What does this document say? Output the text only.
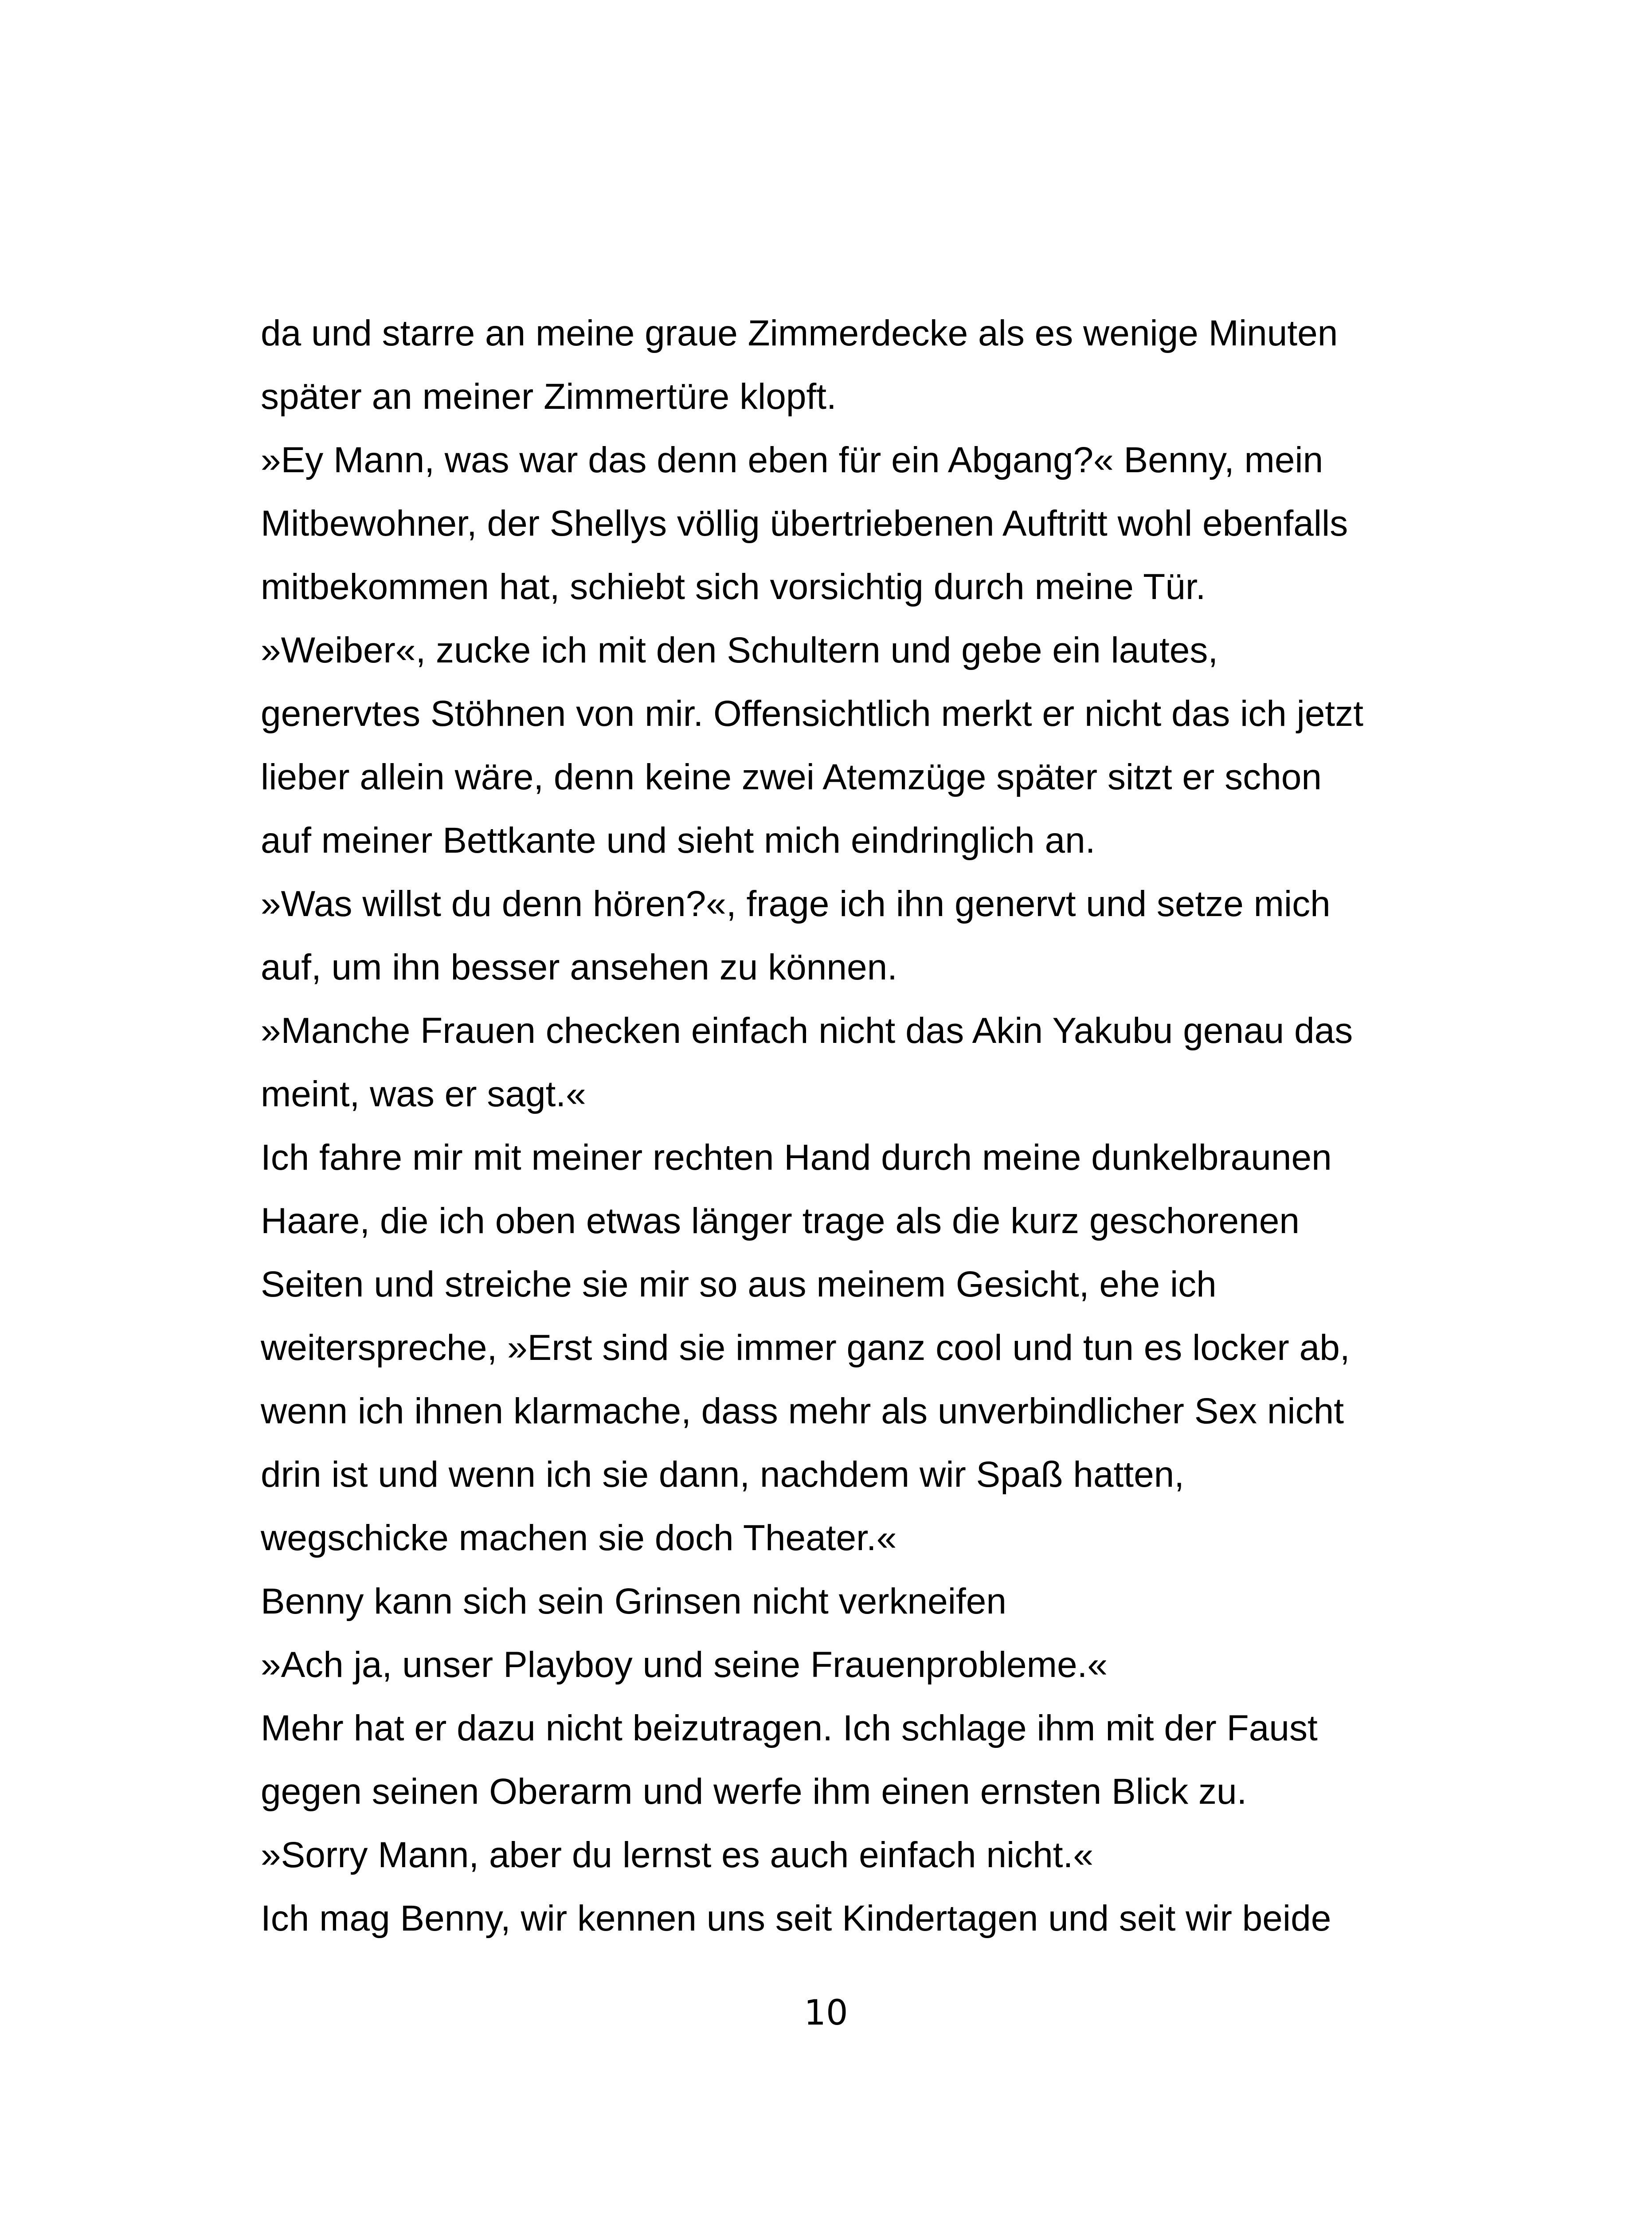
da und starre an meine graue Zimmerdecke als es wenige Minuten
später an meiner Zimmertüre klopft.
»Ey Mann, was war das denn eben für ein Abgang?« Benny, mein
Mitbewohner, der Shellys völlig übertriebenen Auftritt wohl ebenfalls
mitbekommen hat, schiebt sich vorsichtig durch meine Tür.
»Weiber«, zucke ich mit den Schultern und gebe ein lautes,
genervtes Stöhnen von mir. Offensichtlich merkt er nicht das ich jetzt
lieber allein wäre, denn keine zwei Atemzüge später sitzt er schon
auf meiner Bettkante und sieht mich eindringlich an.
»Was willst du denn hören?«, frage ich ihn genervt und setze mich
auf, um ihn besser ansehen zu können.
»Manche Frauen checken einfach nicht das Akin Yakubu genau das
meint, was er sagt.«
Ich fahre mir mit meiner rechten Hand durch meine dunkelbraunen
Haare, die ich oben etwas länger trage als die kurz geschorenen
Seiten und streiche sie mir so aus meinem Gesicht, ehe ich
weiterspreche, »Erst sind sie immer ganz cool und tun es locker ab,
wenn ich ihnen klarmache, dass mehr als unverbindlicher Sex nicht
drin ist und wenn ich sie dann, nachdem wir Spaß hatten,
wegschicke machen sie doch Theater.«
Benny kann sich sein Grinsen nicht verkneifen
»Ach ja, unser Playboy und seine Frauenprobleme.«
Mehr hat er dazu nicht beizutragen. Ich schlage ihm mit der Faust
gegen seinen Oberarm und werfe ihm einen ernsten Blick zu.
»Sorry Mann, aber du lernst es auch einfach nicht.«
Ich mag Benny, wir kennen uns seit Kindertagen und seit wir beide
10
